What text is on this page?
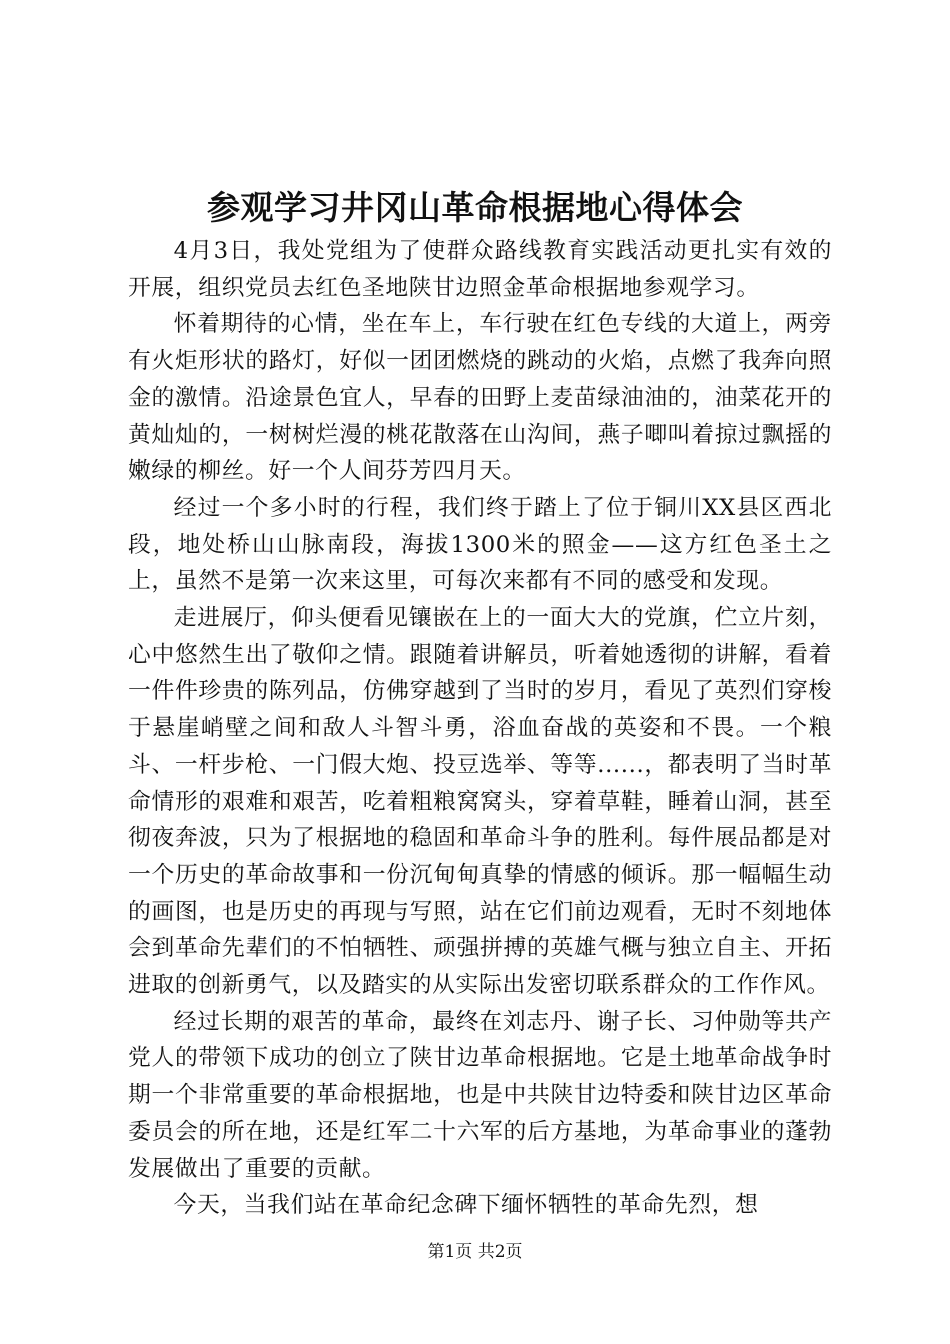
参观学习井冈山革命根据地心得体会

4月3日，我处党组为了使群众路线教育实践活动更扎实有效的开展，组织党员去红色圣地陕甘边照金革命根据地参观学习。

怀着期待的心情，坐在车上，车行驶在红色专线的大道上，两旁有火炬形状的路灯，好似一团团燃烧的跳动的火焰，点燃了我奔向照金的激情。沿途景色宜人，早春的田野上麦苗绿油油的，油菜花开的黄灿灿的，一树树烂漫的桃花散落在山沟间，燕子唧叫着掠过飘摇的嫩绿的柳丝。好一个人间芬芳四月天。

经过一个多小时的行程，我们终于踏上了位于铜川XX县区西北段，地处桥山山脉南段，海拔1300米的照金——这方红色圣土之上，虽然不是第一次来这里，可每次来都有不同的感受和发现。

走进展厅，仰头便看见镶嵌在上的一面大大的党旗，伫立片刻，心中悠然生出了敬仰之情。跟随着讲解员，听着她透彻的讲解，看着一件件珍贵的陈列品，仿佛穿越到了当时的岁月，看见了英烈们穿梭于悬崖峭壁之间和敌人斗智斗勇，浴血奋战的英姿和不畏。一个粮斗、一杆步枪、一门假大炮、投豆选举、等等......，都表明了当时革命情形的艰难和艰苦，吃着粗粮窝窝头，穿着草鞋，睡着山洞，甚至彻夜奔波，只为了根据地的稳固和革命斗争的胜利。每件展品都是对一个历史的革命故事和一份沉甸甸真挚的情感的倾诉。那一幅幅生动的画图，也是历史的再现与写照，站在它们前边观看，无时不刻地体会到革命先辈们的不怕牺牲、顽强拼搏的英雄气概与独立自主、开拓进取的创新勇气，以及踏实的从实际出发密切联系群众的工作作风。

经过长期的艰苦的革命，最终在刘志丹、谢子长、习仲勋等共产党人的带领下成功的创立了陕甘边革命根据地。它是土地革命战争时期一个非常重要的革命根据地，也是中共陕甘边特委和陕甘边区革命委员会的所在地，还是红军二十六军的后方基地，为革命事业的蓬勃发展做出了重要的贡献。

今天，当我们站在革命纪念碑下缅怀牺牲的革命先烈，想

第1页 共2页
